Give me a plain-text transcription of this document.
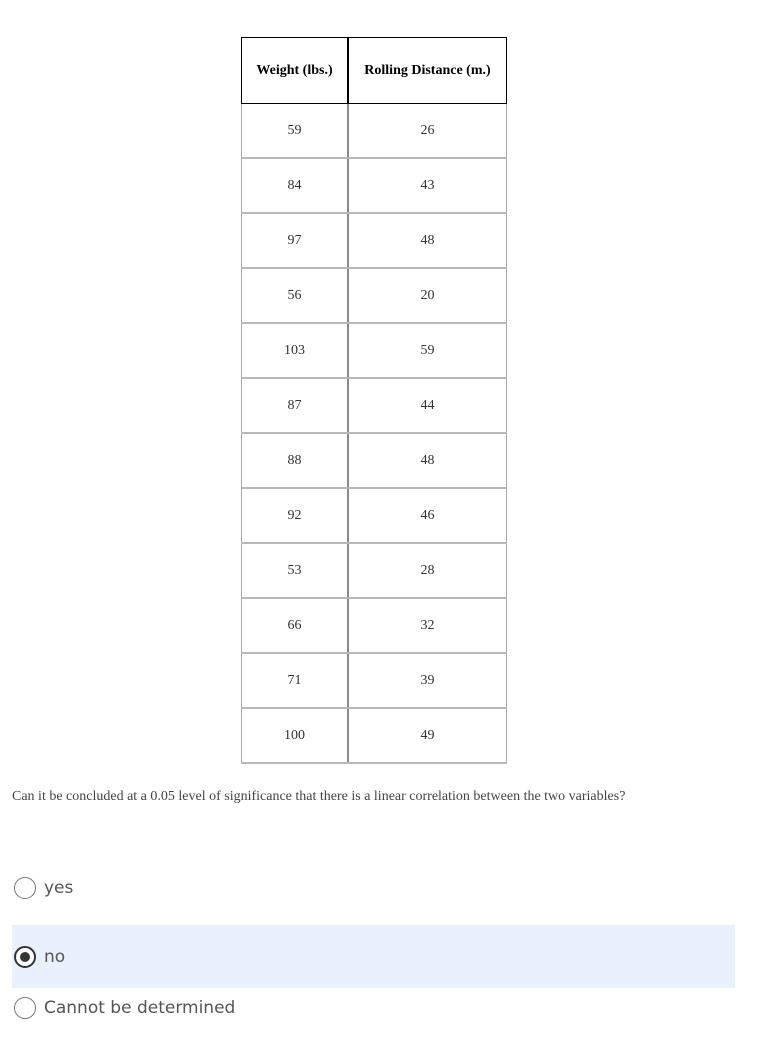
Weight (lbs.)	Rolling Distance (m.)
59	26
84	43
97	48
56	20
103	59
87	44
88	48
92	46
53	28
66	32
71	39
100	49
Can it be concluded at a 0.05 level of significance that there is a linear correlation between the two variables?
yes
no
Cannot be determined
